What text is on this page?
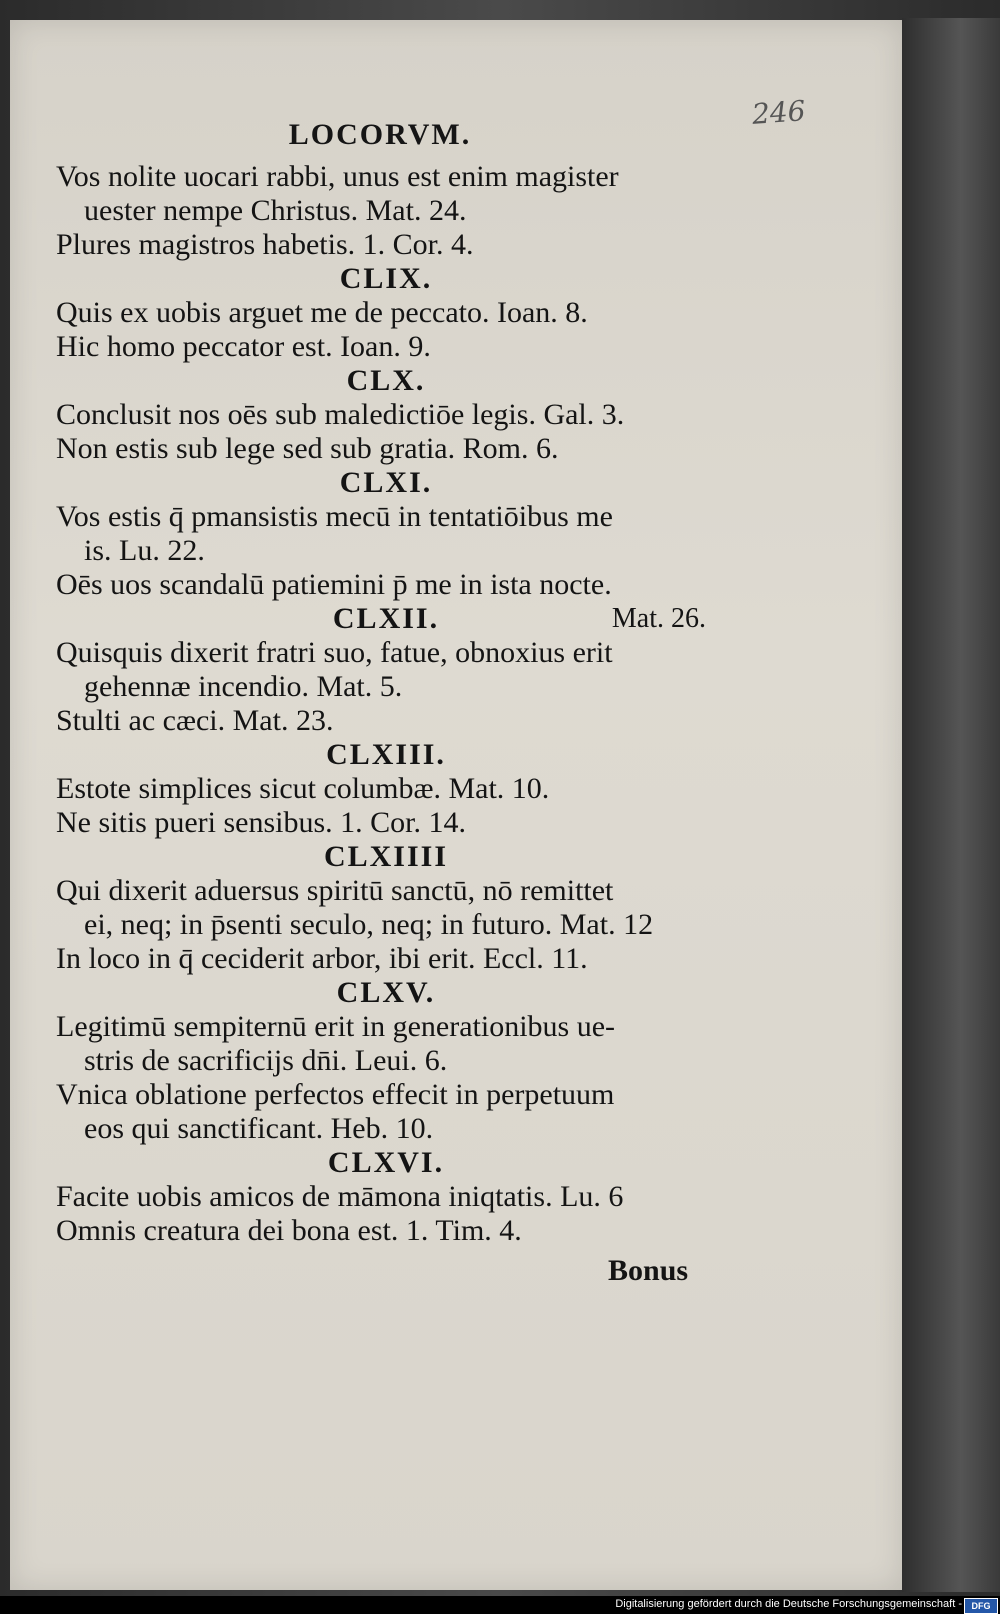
246
LOCORVM.
Vos nolite uocari rabbi, unus est enim magister
uester nempe Christus. Mat. 24.
Plures magistros habetis. 1. Cor. 4.
CLIX.
Quis ex uobis arguet me de peccato. Ioan. 8.
Hic homo peccator est. Ioan. 9.
CLX.
Conclusit nos oēs sub maledictiōe legis. Gal. 3.
Non estis sub lege sed sub gratia. Rom. 6.
CLXI.
Vos estis q̄ pmansistis mecū in tentatiōibus me
is. Lu. 22.
Oēs uos scandalū patiemini p̄ me in ista nocte.
CLXII.	Mat. 26.
Quisquis dixerit fratri suo, fatue, obnoxius erit
gehennæ incendio. Mat. 5.
Stulti ac cæci. Mat. 23.
CLXIII.
Estote simplices sicut columbæ. Mat. 10.
Ne sitis pueri sensibus. 1. Cor. 14.
CLXIIII
Qui dixerit aduersus spiritū sanctū, nō remittet
ei, neq; in p̄senti seculo, neq; in futuro. Mat. 12
In loco in q̄ ceciderit arbor, ibi erit. Eccl. 11.
CLXV.
Legitimū sempiternū erit in generationibus ue-
stris de sacrificijs dn̄i. Leui. 6.
Vnica oblatione perfectos effecit in perpetuum
eos qui sanctificant. Heb. 10.
CLXVI.
Facite uobis amicos de māmona iniqtatis. Lu. 6
Omnis creatura dei bona est. 1. Tim. 4.
Bonus
Digitalisierung gefördert durch die Deutsche Forschungsgemeinschaft -	DFG
